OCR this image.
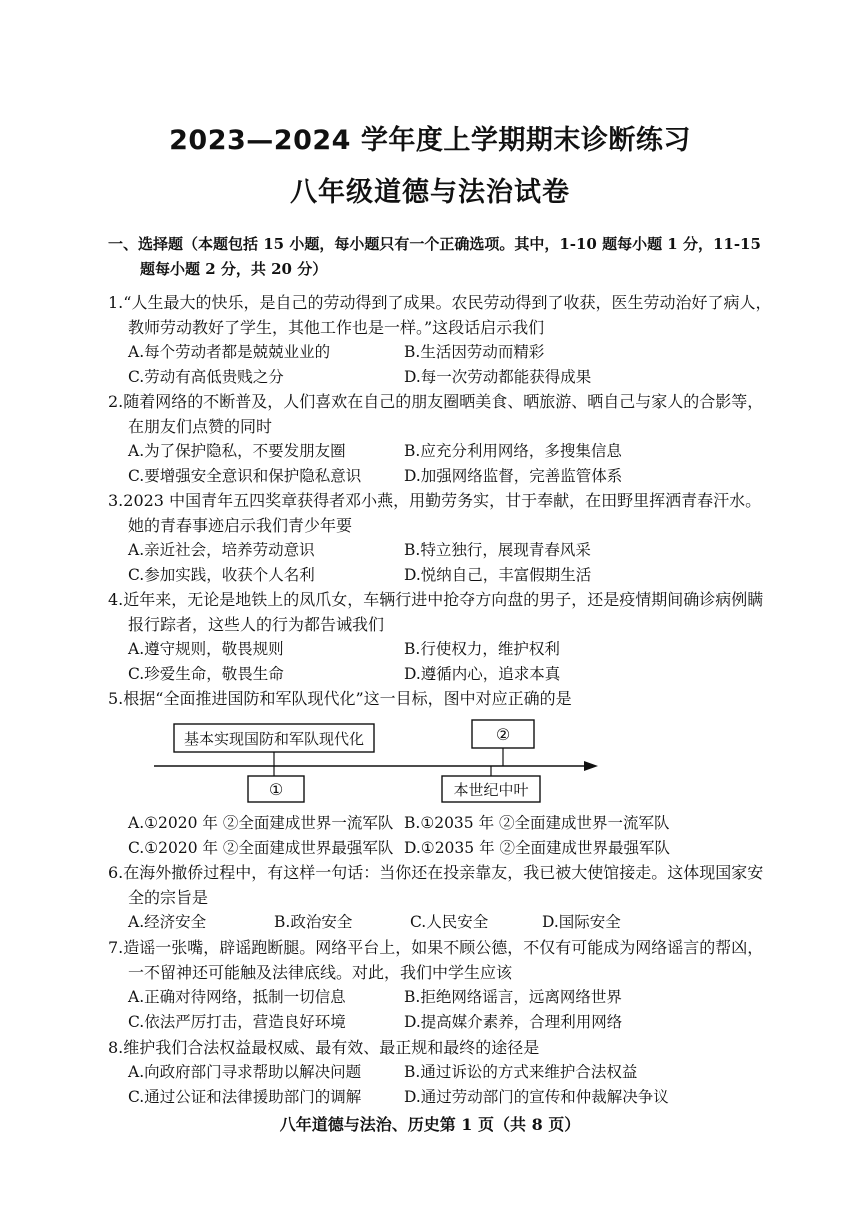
2023—2024 学年度上学期期末诊断练习
八年级道德与法治试卷
一、选择题（本题包括 15 小题，每小题只有一个正确选项。其中，1-10 题每小题 1 分，11-15
题每小题 2 分，共 20 分）
1.“人生最大的快乐，是自己的劳动得到了成果。农民劳动得到了收获，医生劳动治好了病人，
教师劳动教好了学生，其他工作也是一样。”这段话启示我们
A.每个劳动者都是兢兢业业的	B.生活因劳动而精彩
C.劳动有高低贵贱之分	D.每一次劳动都能获得成果
2.随着网络的不断普及，人们喜欢在自己的朋友圈晒美食、晒旅游、晒自己与家人的合影等，
在朋友们点赞的同时
A.为了保护隐私，不要发朋友圈	B.应充分利用网络，多搜集信息
C.要增强安全意识和保护隐私意识	D.加强网络监督，完善监管体系
3.2023 中国青年五四奖章获得者邓小燕，用勤劳务实，甘于奉献，在田野里挥洒青春汗水。
她的青春事迹启示我们青少年要
A.亲近社会，培养劳动意识	B.特立独行，展现青春风采
C.参加实践，收获个人名利	D.悦纳自己，丰富假期生活
4.近年来，无论是地铁上的凤爪女，车辆行进中抢夺方向盘的男子，还是疫情期间确诊病例瞒
报行踪者，这些人的行为都告诫我们
A.遵守规则，敬畏规则	B.行使权力，维护权利
C.珍爱生命，敬畏生命	D.遵循内心，追求本真
5.根据“全面推进国防和军队现代化”这一目标，图中对应正确的是
基本实现国防和军队现代化	②
①	本世纪中叶
A.①2020 年 ②全面建成世界一流军队 B.①2035 年 ②全面建成世界一流军队
C.①2020 年 ②全面建成世界最强军队 D.①2035 年 ②全面建成世界最强军队
6.在海外撤侨过程中，有这样一句话：当你还在投亲靠友，我已被大使馆接走。这体现国家安
全的宗旨是
A.经济安全	B.政治安全	C.人民安全	D.国际安全
7.造谣一张嘴，辟谣跑断腿。网络平台上，如果不顾公德，不仅有可能成为网络谣言的帮凶，
一不留神还可能触及法律底线。对此，我们中学生应该
A.正确对待网络，抵制一切信息	B.拒绝网络谣言，远离网络世界
C.依法严厉打击，营造良好环境	D.提高媒介素养，合理利用网络
8.维护我们合法权益最权威、最有效、最正规和最终的途径是
A.向政府部门寻求帮助以解决问题	B.通过诉讼的方式来维护合法权益
C.通过公证和法律援助部门的调解	D.通过劳动部门的宣传和仲裁解决争议
八年道德与法治、历史第 1 页（共 8 页）
